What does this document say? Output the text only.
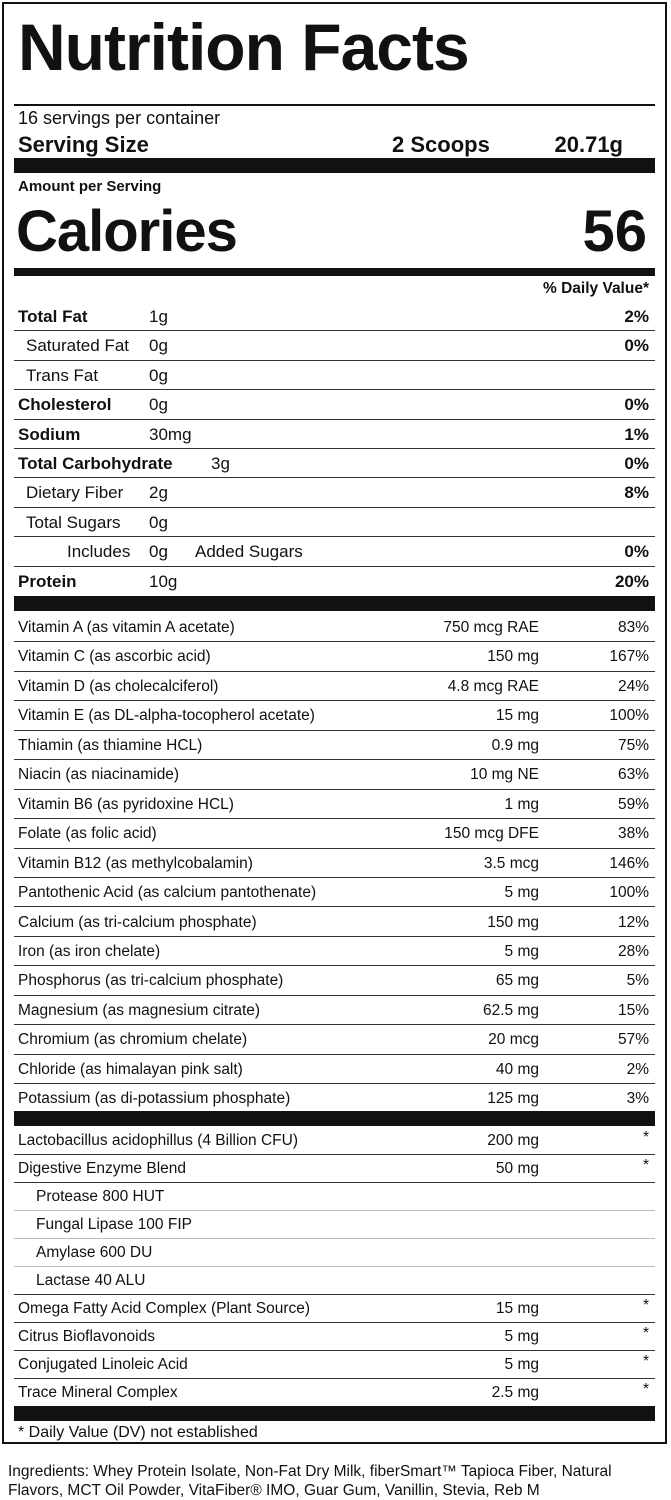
Nutrition Facts
16 servings per container
Serving Size	2 Scoops	20.71g
Amount per Serving
Calories	56
% Daily Value*
Total Fat	1g	2%
Saturated Fat 0g	0%
Trans Fat	0g
Cholesterol 0g	0%
Sodium	30mg	1%
Total Carbohydrate 3g	0%
Dietary Fiber 2g	8%
Total Sugars 0g
Includes 0g Added Sugars	0%
Protein	10g	20%
Vitamin A (as vitamin A acetate)	750 mcg RAE	83%
Vitamin C (as ascorbic acid)	150 mg	167%
Vitamin D (as cholecalciferol)	4.8 mcg RAE	24%
Vitamin E (as DL-alpha-tocopherol acetate)	15 mg	100%
Thiamin (as thiamine HCL)	0.9 mg	75%
Niacin (as niacinamide)	10 mg NE	63%
Vitamin B6 (as pyridoxine HCL)	1 mg	59%
Folate (as folic acid)	150 mcg DFE	38%
Vitamin B12 (as methylcobalamin)	3.5 mcg	146%
Pantothenic Acid (as calcium pantothenate)	5 mg	100%
Calcium (as tri-calcium phosphate)	150 mg	12%
Iron (as iron chelate)	5 mg	28%
Phosphorus (as tri-calcium phosphate)	65 mg	5%
Magnesium (as magnesium citrate)	62.5 mg	15%
Chromium (as chromium chelate)	20 mcg	57%
Chloride (as himalayan pink salt)	40 mg	2%
Potassium (as di-potassium phosphate)	125 mg	3%
Lactobacillus acidophillus (4 Billion CFU)	200 mg	*
Digestive Enzyme Blend	50 mg	*
Protease 800 HUT
Fungal Lipase 100 FIP
Amylase 600 DU
Lactase 40 ALU
Omega Fatty Acid Complex (Plant Source)	15 mg	*
Citrus Bioflavonoids	5 mg	*
Conjugated Linoleic Acid	5 mg	*
Trace Mineral Complex	2.5 mg	*
* Daily Value (DV) not established
Ingredients: Whey Protein Isolate, Non-Fat Dry Milk, fiberSmart™ Tapioca Fiber, Natural Flavors, MCT Oil Powder, VitaFiber® IMO, Guar Gum, Vanillin, Stevia, Reb M
